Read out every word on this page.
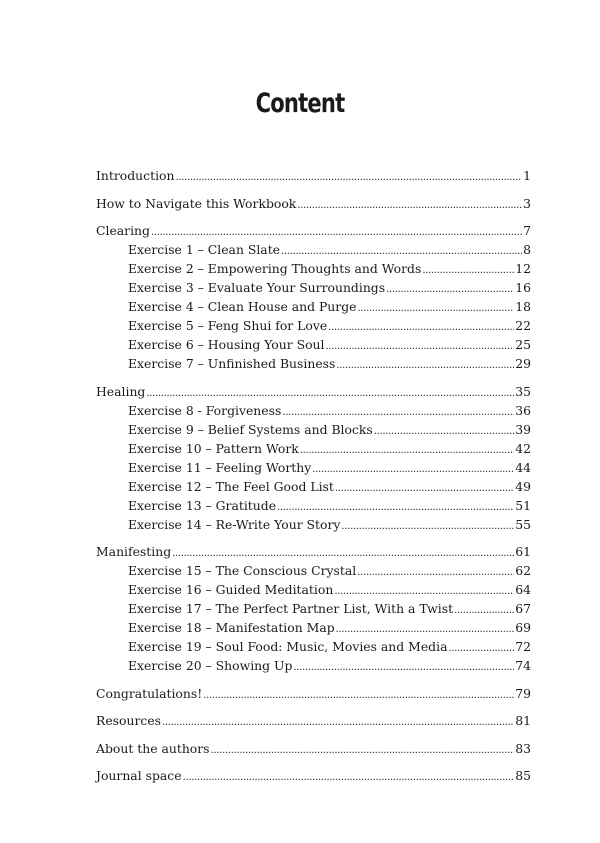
Content
Introduction .....	1
How to Navigate this Workbook .....	3
Clearing .....	7
Exercise 1 – Clean Slate .....	8
Exercise 2 – Empowering Thoughts and Words .....	12
Exercise 3 – Evaluate Your Surroundings .....	16
Exercise 4 – Clean House and Purge .....	18
Exercise 5 – Feng Shui for Love .....	22
Exercise 6 – Housing Your Soul .....	25
Exercise 7 – Unfinished Business .....	29
Healing .....	35
Exercise 8 - Forgiveness .....	36
Exercise 9 – Belief Systems and Blocks .....	39
Exercise 10 – Pattern Work .....	42
Exercise 11 – Feeling Worthy .....	44
Exercise 12 – The Feel Good List .....	49
Exercise 13 – Gratitude .....	51
Exercise 14 – Re-Write Your Story .....	55
Manifesting .....	61
Exercise 15 – The Conscious Crystal .....	62
Exercise 16 – Guided Meditation .....	64
Exercise 17 – The Perfect Partner List, With a Twist .....	67
Exercise 18 – Manifestation Map .....	69
Exercise 19 – Soul Food: Music, Movies and Media .....	72
Exercise 20 – Showing Up .....	74
Congratulations! .....	79
Resources .....	81
About the authors .....	83
Journal space .....	85
